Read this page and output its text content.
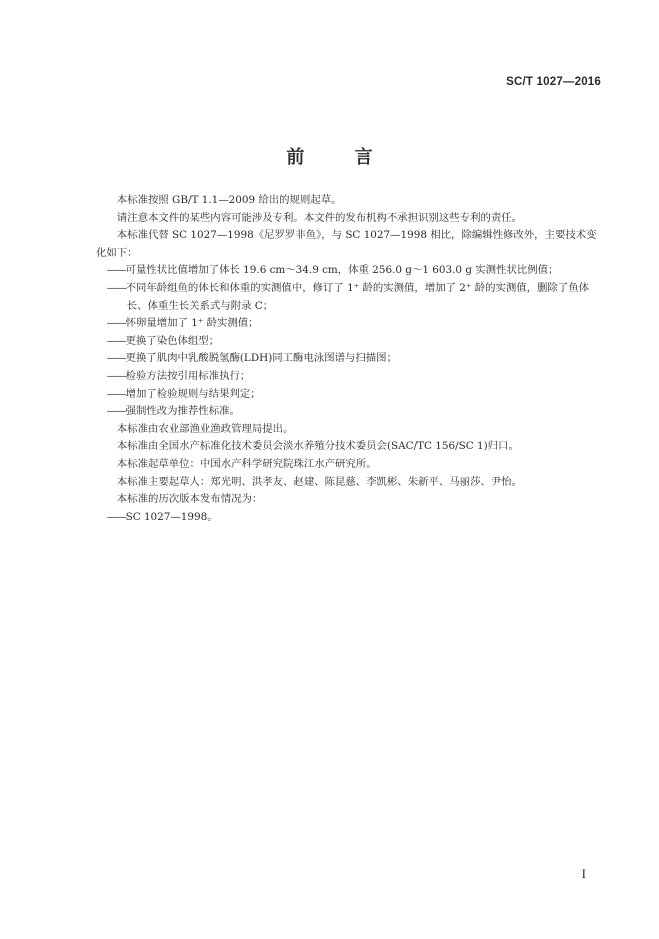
SC/T 1027—2016
前 言

本标准按照 GB/T 1.1—2009 给出的规则起草。

请注意本文件的某些内容可能涉及专利。本文件的发布机构不承担识别这些专利的责任。

本标准代替 SC 1027—1998《尼罗罗非鱼》，与 SC 1027—1998 相比，除编辑性修改外，主要技术变化如下：

——可量性状比值增加了体长 19.6 cm～34.9 cm，体重 256.0 g～1 603.0 g 实测性状比例值；

——不同年龄组鱼的体长和体重的实测值中，修订了 1⁺ 龄的实测值，增加了 2⁺ 龄的实测值，删除了鱼体长、体重生长关系式与附录 C；

——怀卵量增加了 1⁺ 龄实测值；

——更换了染色体组型；

——更换了肌肉中乳酸脱氢酶(LDH)同工酶电泳图谱与扫描图；

——检验方法按引用标准执行；

——增加了检验规则与结果判定；

——强制性改为推荐性标准。

本标准由农业部渔业渔政管理局提出。

本标准由全国水产标准化技术委员会淡水养殖分技术委员会(SAC/TC 156/SC 1)归口。

本标准起草单位：中国水产科学研究院珠江水产研究所。

本标准主要起草人：郑光明、洪孝友、赵建、陈昆慈、李凯彬、朱新平、马丽莎、尹怡。

本标准的历次版本发布情况为：

——SC 1027—1998。

I
